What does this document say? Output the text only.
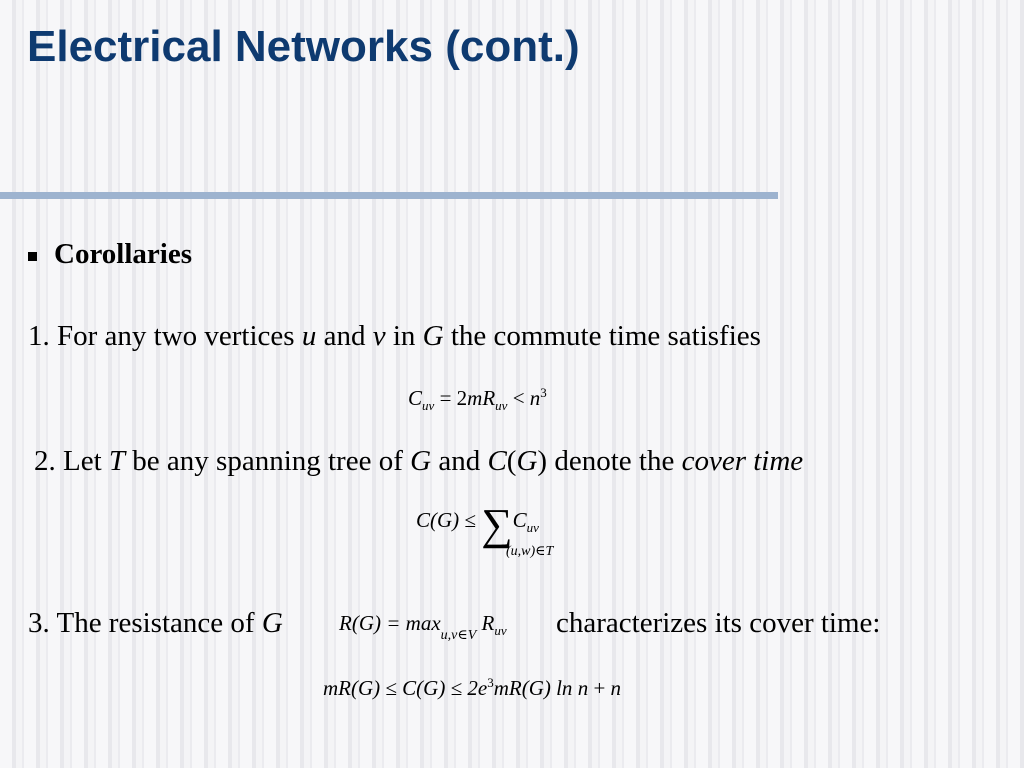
Electrical Networks (cont.)
Corollaries
1. For any two vertices u and v in G the commute time satisfies
$C_{uv} = 2mR_{uv} < n^3$
2. Let T be any spanning tree of G and C(G) denote the cover time
$C(G) \le \sum C_{uv}$
(u,w)∈T
3. The resistance of G	$R(G) = \max_{u,v\in V} R_{uv}$ characterizes its cover time:
$mR(G) \le C(G) \le 2e^3mR(G)$ ln n + n
